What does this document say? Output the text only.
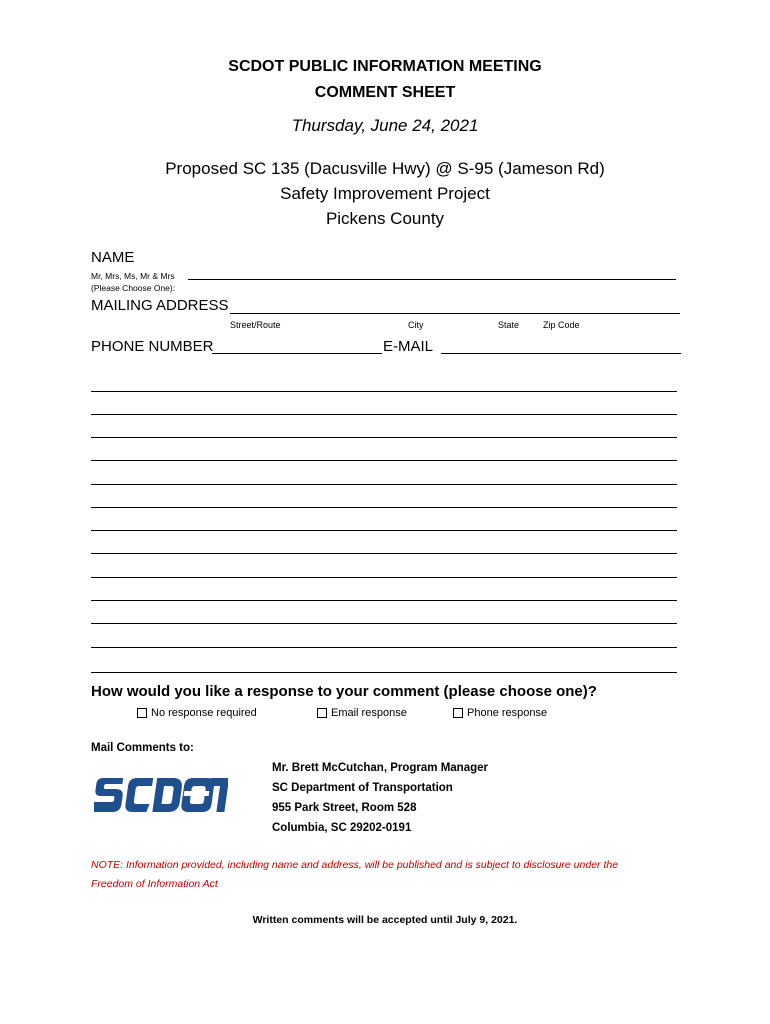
SCDOT PUBLIC INFORMATION MEETING
COMMENT SHEET
Thursday, June 24, 2021
Proposed SC 135 (Dacusville Hwy) @ S-95 (Jameson Rd)
Safety Improvement Project
Pickens County
NAME
Mr, Mrs, Ms, Mr & Mrs
(Please Choose One):
MAILING ADDRESS
Street/Route	City	State	Zip Code
PHONE NUMBER	E-MAIL
How would you like a response to your comment (please choose one)?
No response required	Email response	Phone response
Mail Comments to:
Mr. Brett McCutchan, Program Manager
SC Department of Transportation
955 Park Street, Room 528
Columbia, SC 29202-0191
NOTE: Information provided, including name and address, will be published and is subject to disclosure under the
Freedom of Information Act
Written comments will be accepted until July 9, 2021.
